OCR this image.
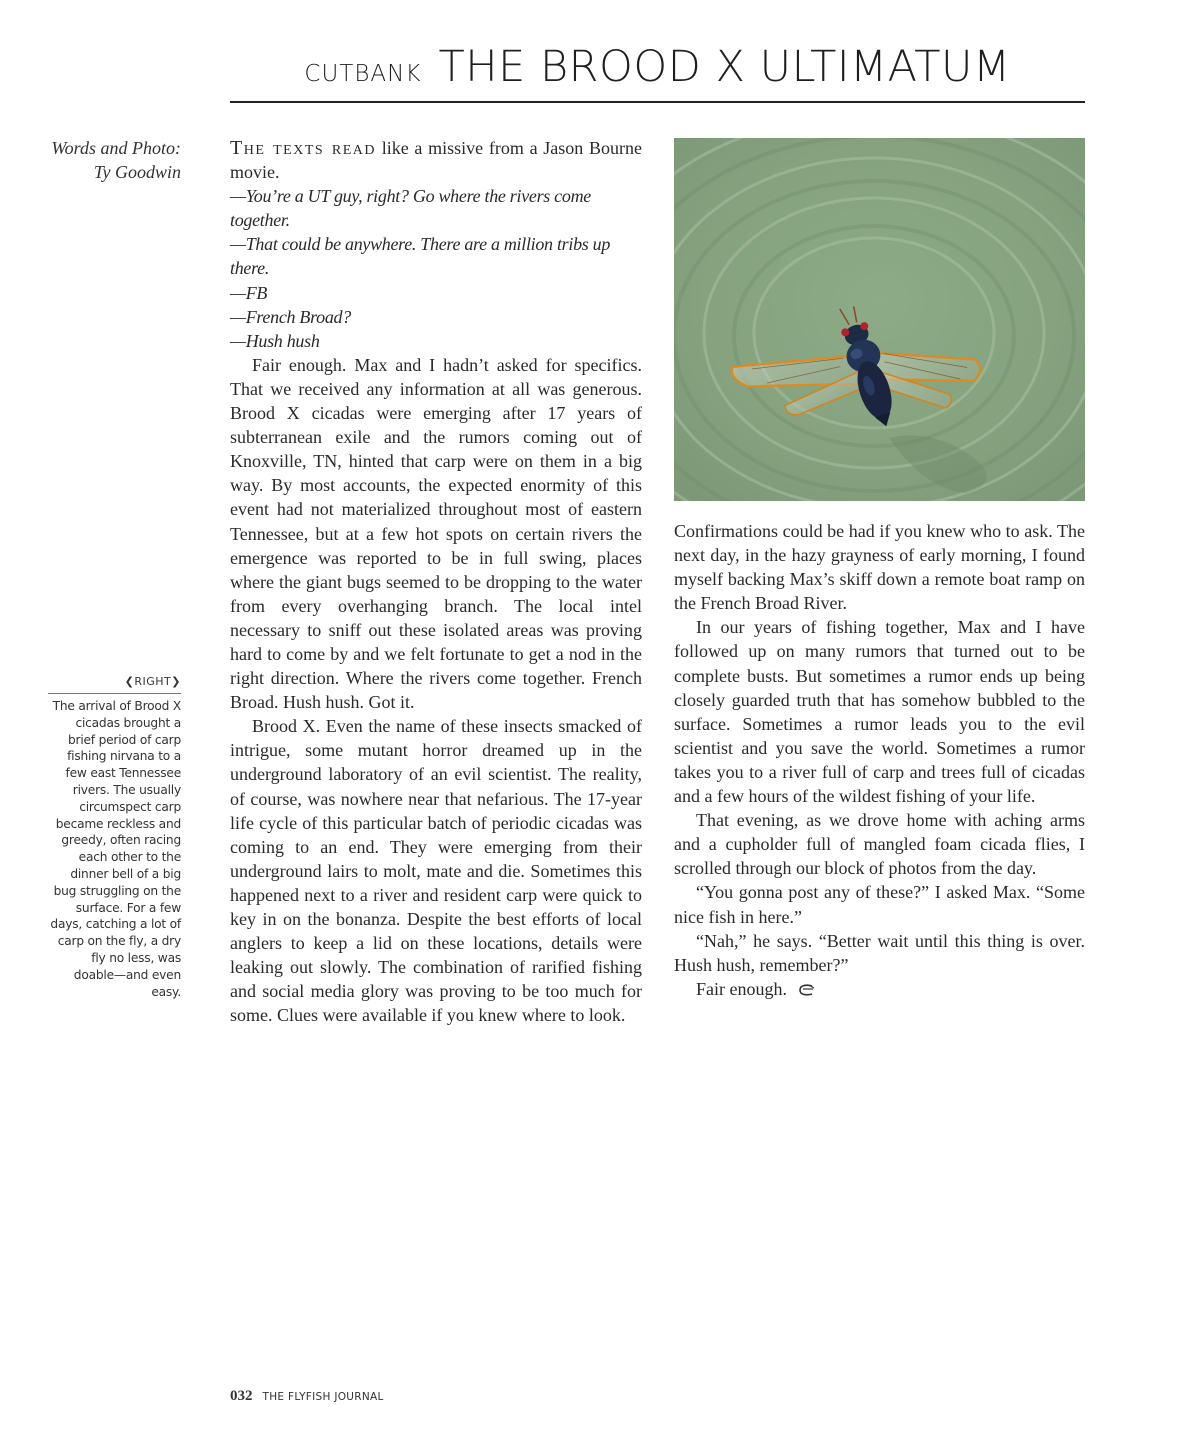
CUTBANK THE BROOD X ULTIMATUM
Words and Photo:
Ty Goodwin
❮RIGHT❯
The arrival of Brood X cicadas brought a brief period of carp fishing nirvana to a few east Tennessee rivers. The usually circumspect carp became reckless and greedy, often racing each other to the dinner bell of a big bug struggling on the surface. For a few days, catching a lot of carp on the fly, a dry fly no less, was doable—and even easy.

The texts read like a missive from a Jason Bourne movie.

—You’re a UT guy, right? Go where the rivers come together.

—That could be anywhere. There are a million tribs up there.

—FB

—French Broad?

—Hush hush

Fair enough. Max and I hadn’t asked for specifics. That we received any information at all was generous. Brood X cicadas were emerging after 17 years of subterranean exile and the rumors coming out of Knoxville, TN, hinted that carp were on them in a big way. By most accounts, the expected enormity of this event had not materialized throughout most of eastern Tennessee, but at a few hot spots on certain rivers the emergence was reported to be in full swing, places where the giant bugs seemed to be dropping to the water from every overhanging branch. The local intel necessary to sniff out these isolated areas was proving hard to come by and we felt fortunate to get a nod in the right direction. Where the rivers come together. French Broad. Hush hush. Got it.

Brood X. Even the name of these insects smacked of intrigue, some mutant horror dreamed up in the underground laboratory of an evil scientist. The reality, of course, was nowhere near that nefarious. The 17-year life cycle of this particular batch of periodic cicadas was coming to an end. They were emerging from their underground lairs to molt, mate and die. Sometimes this happened next to a river and resident carp were quick to key in on the bonanza. Despite the best efforts of local anglers to keep a lid on these locations, details were leaking out slowly. The combination of rarified fishing and social media glory was proving to be too much for some. Clues were available if you knew where to look.

Confirmations could be had if you knew who to ask. The next day, in the hazy grayness of early morning, I found myself backing Max’s skiff down a remote boat ramp on the French Broad River.

In our years of fishing together, Max and I have followed up on many rumors that turned out to be complete busts. But sometimes a rumor ends up being closely guarded truth that has somehow bubbled to the surface. Sometimes a rumor leads you to the evil scientist and you save the world. Sometimes a rumor takes you to a river full of carp and trees full of cicadas and a few hours of the wildest fishing of your life.

That evening, as we drove home with aching arms and a cupholder full of mangled foam cicada flies, I scrolled through our block of photos from the day.

“You gonna post any of these?” I asked Max. “Some nice fish in here.”

“Nah,” he says. “Better wait until this thing is over. Hush hush, remember?”

Fair enough.

032 THE FLYFISH JOURNAL
